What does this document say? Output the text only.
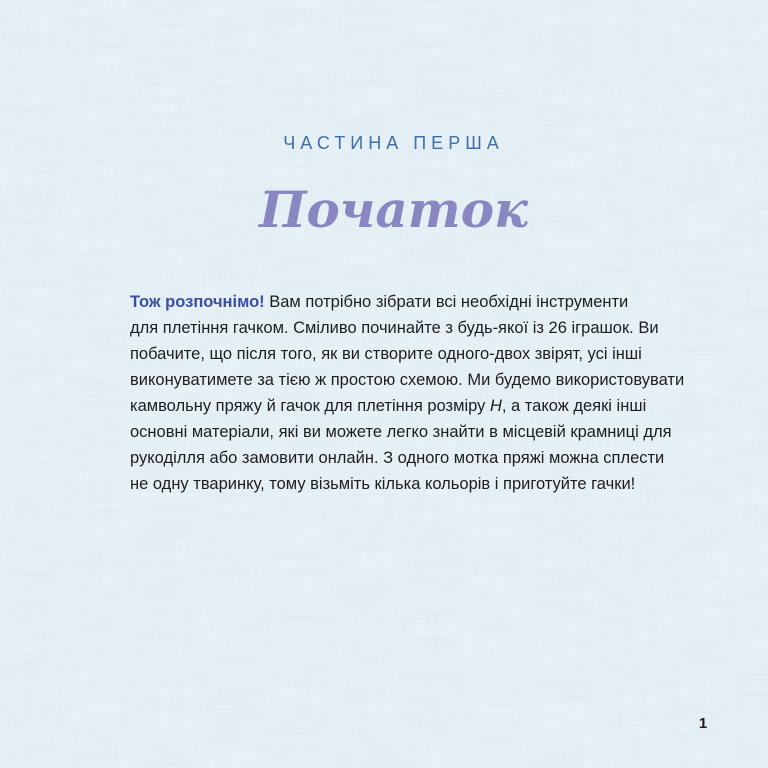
ЧАСТИНА ПЕРША
Початок
Тож розпочнімо! Вам потрібно зібрати всі необхідні інструменти
для плетіння гачком. Сміливо починайте з будь-якої із 26 іграшок. Ви
побачите, що після того, як ви створите одного-двох звірят, усі інші
виконуватимете за тією ж простою схемою. Ми будемо використовувати
камвольну пряжу й гачок для плетіння розміру H, а також деякі інші
основні матеріали, які ви можете легко знайти в місцевій крамниці для
рукоділля або замовити онлайн. З одного мотка пряжі можна сплести
не одну тваринку, тому візьміть кілька кольорів і приготуйте гачки!
1
